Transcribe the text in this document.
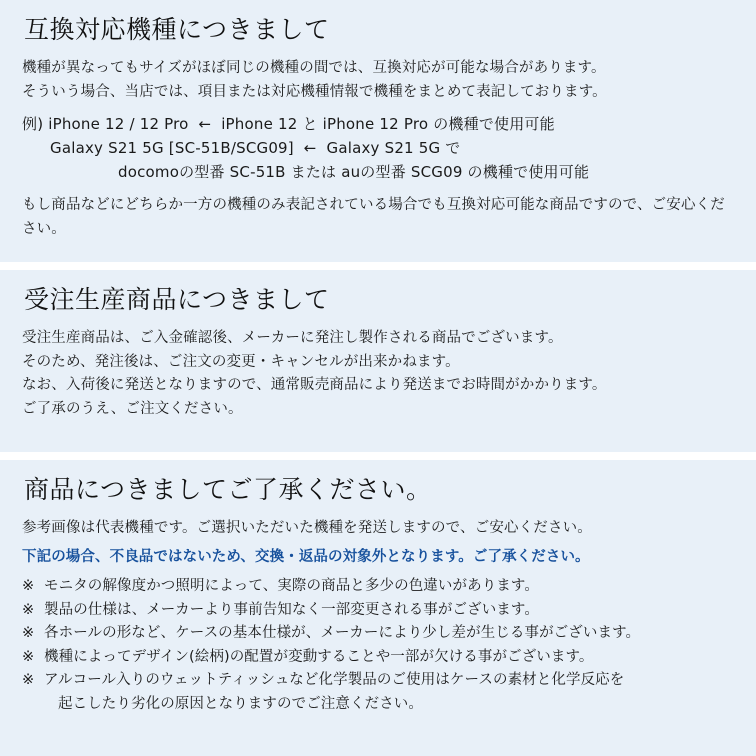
互換対応機種につきまして

機種が異なってもサイズがほぼ同じの機種の間では、互換対応が可能な場合があります。

そういう場合、当店では、項目または対応機種情報で機種をまとめて表記しております。

例) iPhone 12 / 12 Pro  ←  iPhone 12 と iPhone 12 Pro の機種で使用可能
Galaxy S21 5G [SC-51B/SCG09]  ←  Galaxy S21 5G で
docomoの型番 SC-51B または auの型番 SCG09 の機種で使用可能

もし商品などにどちらか一方の機種のみ表記されている場合でも互換対応可能な商品ですので、ご安心ください。

受注生産商品につきまして

受注生産商品は、ご入金確認後、メーカーに発注し製作される商品でございます。

そのため、発注後は、ご注文の変更・キャンセルが出来かねます。

なお、入荷後に発送となりますので、通常販売商品により発送までお時間がかかります。

ご了承のうえ、ご注文ください。

商品につきましてご了承ください。

参考画像は代表機種です。ご選択いただいた機種を発送しますので、ご安心ください。

下記の場合、不良品ではないため、交換・返品の対象外となります。ご了承ください。

※ モニタの解像度かつ照明によって、実際の商品と多少の色違いがあります。
※ 製品の仕様は、メーカーより事前告知なく一部変更される事がございます。
※ 各ホールの形など、ケースの基本仕様が、メーカーにより少し差が生じる事がございます。
※ 機種によってデザイン(絵柄)の配置が変動することや一部が欠ける事がございます。
※ アルコール入りのウェットティッシュなど化学製品のご使用はケースの素材と化学反応を
起こしたり劣化の原因となりますのでご注意ください。
